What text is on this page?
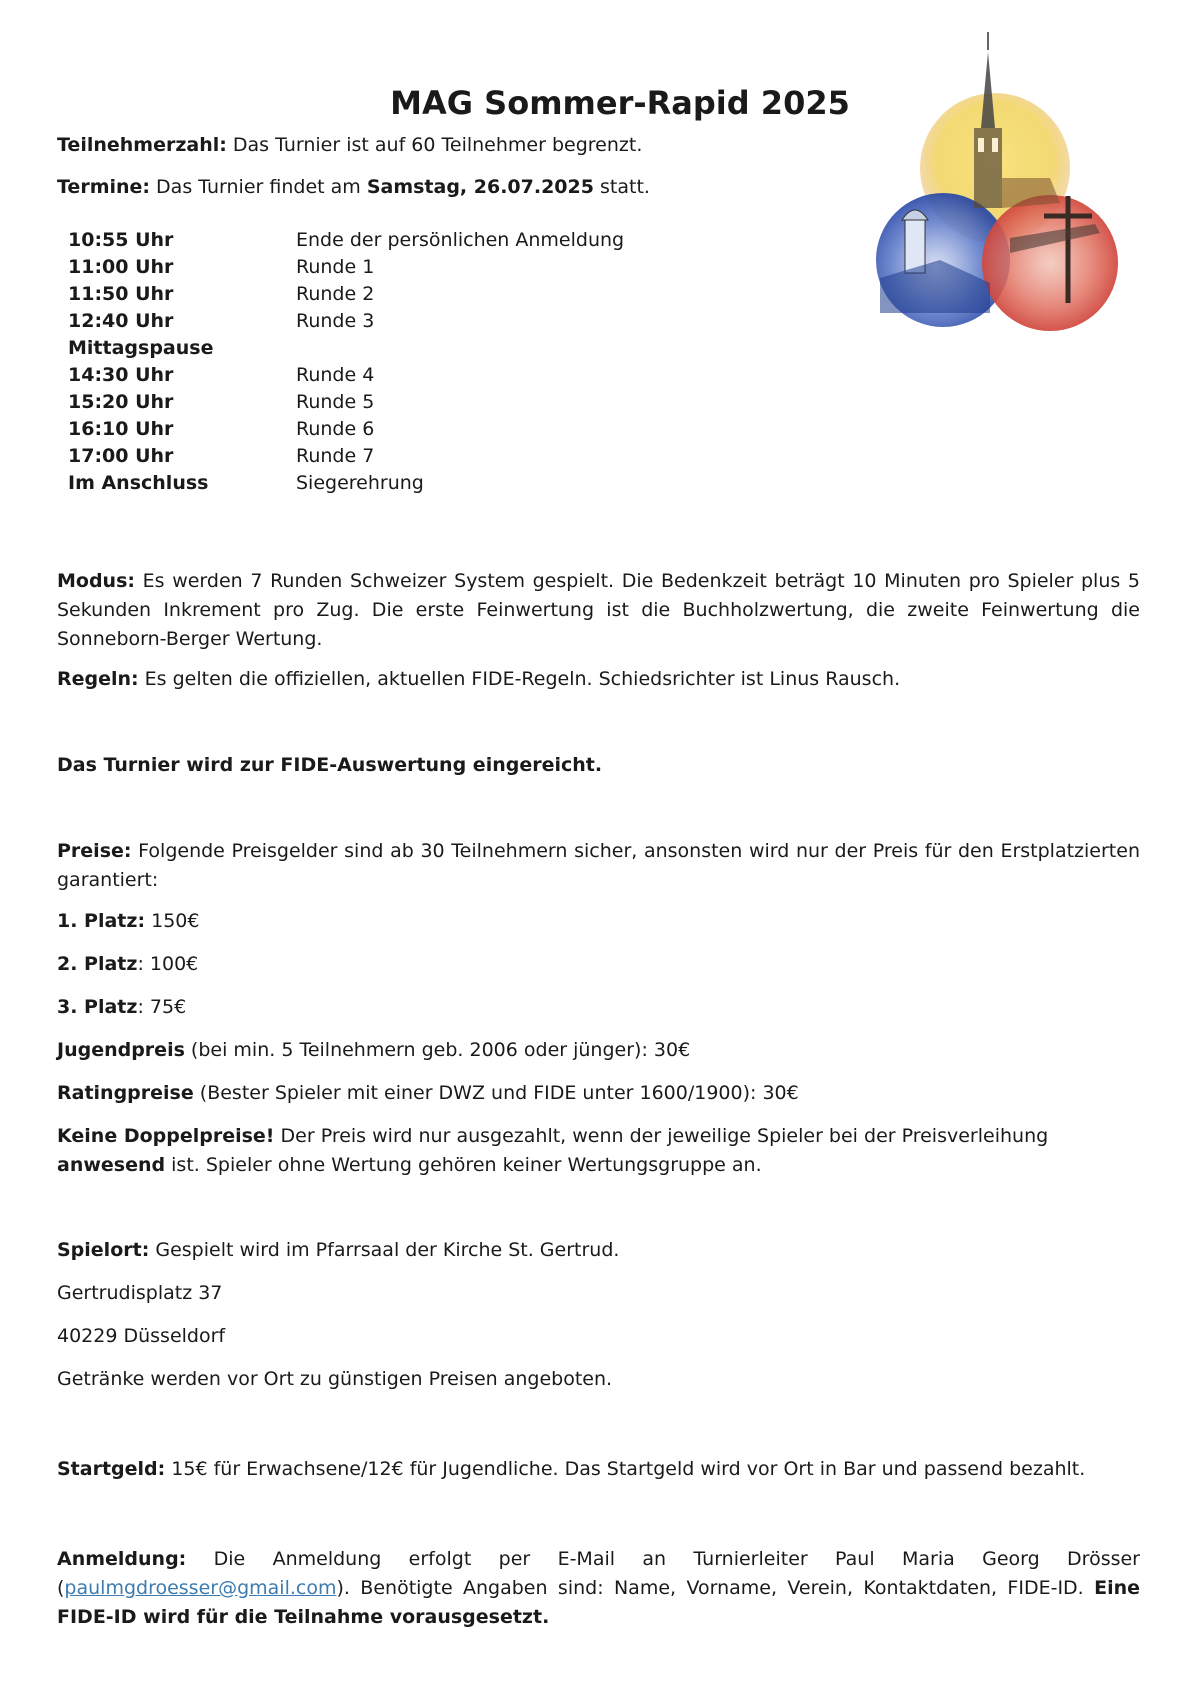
MAG Sommer-Rapid 2025

Teilnehmerzahl: Das Turnier ist auf 60 Teilnehmer begrenzt.

Termine: Das Turnier findet am Samstag, 26.07.2025 statt.

10:55 Uhr	Ende der persönlichen Anmeldung
11:00 Uhr	Runde 1
11:50 Uhr	Runde 2
12:40 Uhr	Runde 3
Mittagspause
14:30 Uhr	Runde 4
15:20 Uhr	Runde 5
16:10 Uhr	Runde 6
17:00 Uhr	Runde 7
Im Anschluss	Siegerehrung

Modus: Es werden 7 Runden Schweizer System gespielt. Die Bedenkzeit beträgt 10 Minuten pro Spieler plus 5 Sekunden Inkrement pro Zug. Die erste Feinwertung ist die Buchholzwertung, die zweite Feinwertung die Sonneborn-Berger Wertung.

Regeln: Es gelten die offiziellen, aktuellen FIDE-Regeln. Schiedsrichter ist Linus Rausch.

Das Turnier wird zur FIDE-Auswertung eingereicht.

Preise: Folgende Preisgelder sind ab 30 Teilnehmern sicher, ansonsten wird nur der Preis für den Erstplatzierten garantiert:

1. Platz: 150€

2. Platz: 100€

3. Platz: 75€

Jugendpreis (bei min. 5 Teilnehmern geb. 2006 oder jünger): 30€

Ratingpreise (Bester Spieler mit einer DWZ und FIDE unter 1600/1900): 30€

Keine Doppelpreise! Der Preis wird nur ausgezahlt, wenn der jeweilige Spieler bei der Preisverleihung anwesend ist. Spieler ohne Wertung gehören keiner Wertungsgruppe an.

Spielort: Gespielt wird im Pfarrsaal der Kirche St. Gertrud.

Gertrudisplatz 37

40229 Düsseldorf

Getränke werden vor Ort zu günstigen Preisen angeboten.

Startgeld: 15€ für Erwachsene/12€ für Jugendliche. Das Startgeld wird vor Ort in Bar und passend bezahlt.

Anmeldung: Die Anmeldung erfolgt per E-Mail an Turnierleiter Paul Maria Georg Drösser

(paulmgdroesser@gmail.com). Benötigte Angaben sind: Name, Vorname, Verein, Kontaktdaten, FIDE-ID. Eine FIDE-ID wird für die Teilnahme vorausgesetzt.
